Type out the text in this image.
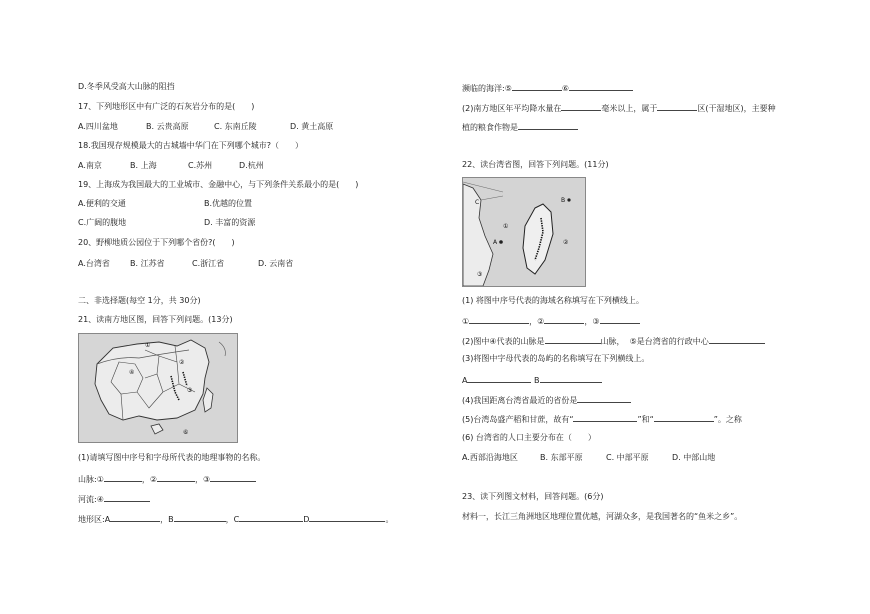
D.冬季风受高大山脉的阻挡
17、下列地形区中有广泛的石灰岩分布的是(　　)
A.四川盆地	B. 云贵高原	C. 东南丘陵	D. 黄土高原
18.我国现存规模最大的古城墙中华门在下列哪个城市?（　　）
A.南京	B. 上海	C.苏州	D.杭州
19、上海成为我国最大的工业城市、金融中心，与下列条件关系最小的是(　　)
A.便利的交通	B.优越的位置
C.广阔的腹地	D. 丰富的资源
20、野柳地质公园位于下列哪个省份?(　　)
A.台湾省	B. 江苏省	C.浙江省	D. 云南省
二、非选择题(每空 1分，共 30分)
21、读南方地区图，回答下列问题。(13分)
①
②
③
④
⑥
(1)请填写图中序号和字母所代表的地理事物的名称。
山脉:①	，②	，③
河流:④
地形区:A	，B	，C	D	。
濒临的海洋:⑤	⑥
(2)南方地区年平均降水量在	毫米以上，属于	区(干湿地区)，主要种
植的粮食作物是
22、读台湾省图，回答下列问题。(11分)
C	B
A
①
②
③
(1) 将图中序号代表的海域名称填写在下列横线上。
①	，②	，③
(2)图中④代表的山脉是	山脉， ⑤是台湾省的行政中心
(3)将图中字母代表的岛屿的名称填写在下列横线上。
A	B
(4)我国距离台湾省最近的省份是
(5)台湾岛盛产稻和甘蔗，故有“	”和“	”。之称
(6) 台湾省的人口主要分布在（　　）
A.西部沿海地区	B. 东部平原	C. 中部平原	D. 中部山地
23、读下列图文材料，回答问题。(6分)
材料一，长江三角洲地区地理位置优越，河湖众多，是我国著名的“鱼米之乡”。
